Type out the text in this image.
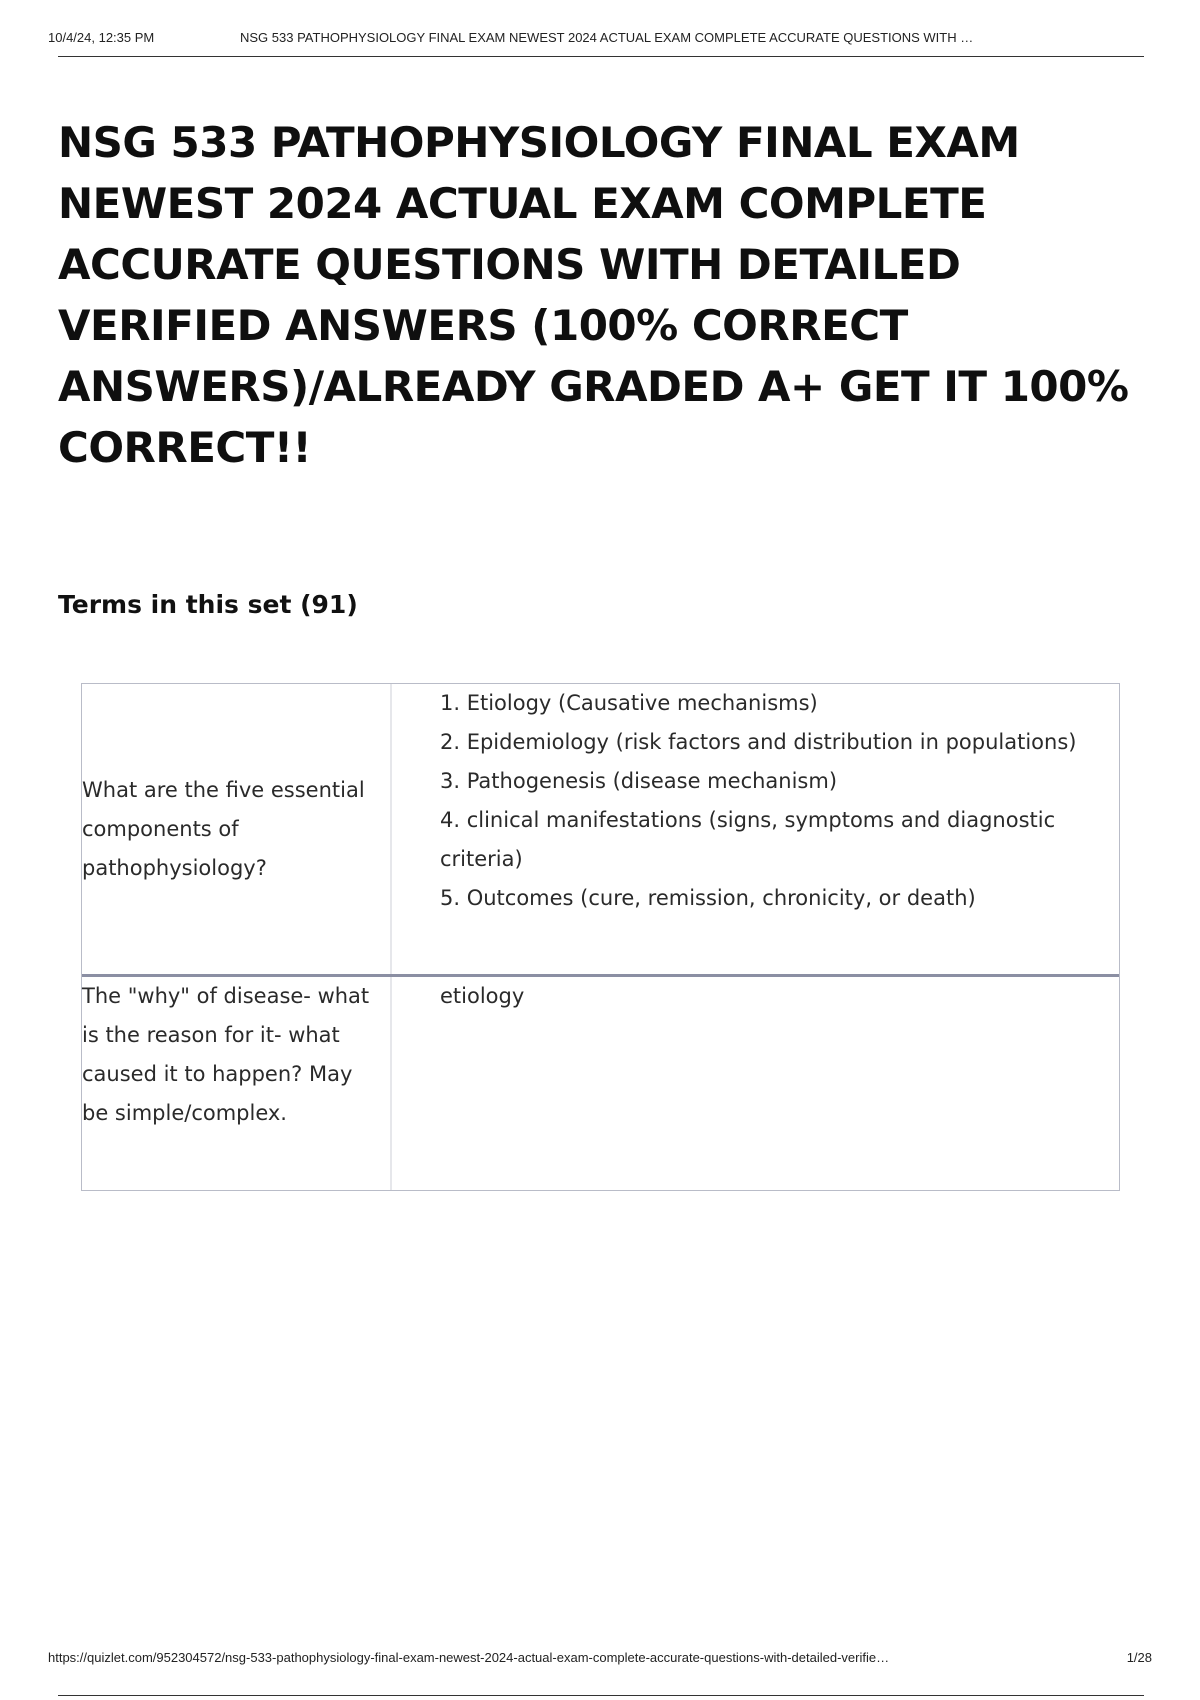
10/4/24, 12:35 PM	NSG 533 PATHOPHYSIOLOGY FINAL EXAM NEWEST 2024 ACTUAL EXAM COMPLETE ACCURATE QUESTIONS WITH …
NSG 533 PATHOPHYSIOLOGY FINAL EXAM NEWEST 2024 ACTUAL EXAM COMPLETE ACCURATE QUESTIONS WITH DETAILED VERIFIED ANSWERS (100% CORRECT ANSWERS)/ALREADY GRADED A+ GET IT 100% CORRECT!!
Terms in this set (91)
What are the five essential components of pathophysiology?
1. Etiology (Causative mechanisms)
2. Epidemiology (risk factors and distribution in populations)
3. Pathogenesis (disease mechanism)
4. clinical manifestations (signs, symptoms and diagnostic criteria)
5. Outcomes (cure, remission, chronicity, or death)
The "why" of disease- what is the reason for it- what caused it to happen? May be simple/complex.
etiology
https://quizlet.com/952304572/nsg-533-pathophysiology-final-exam-newest-2024-actual-exam-complete-accurate-questions-with-detailed-verifie…	1/28
